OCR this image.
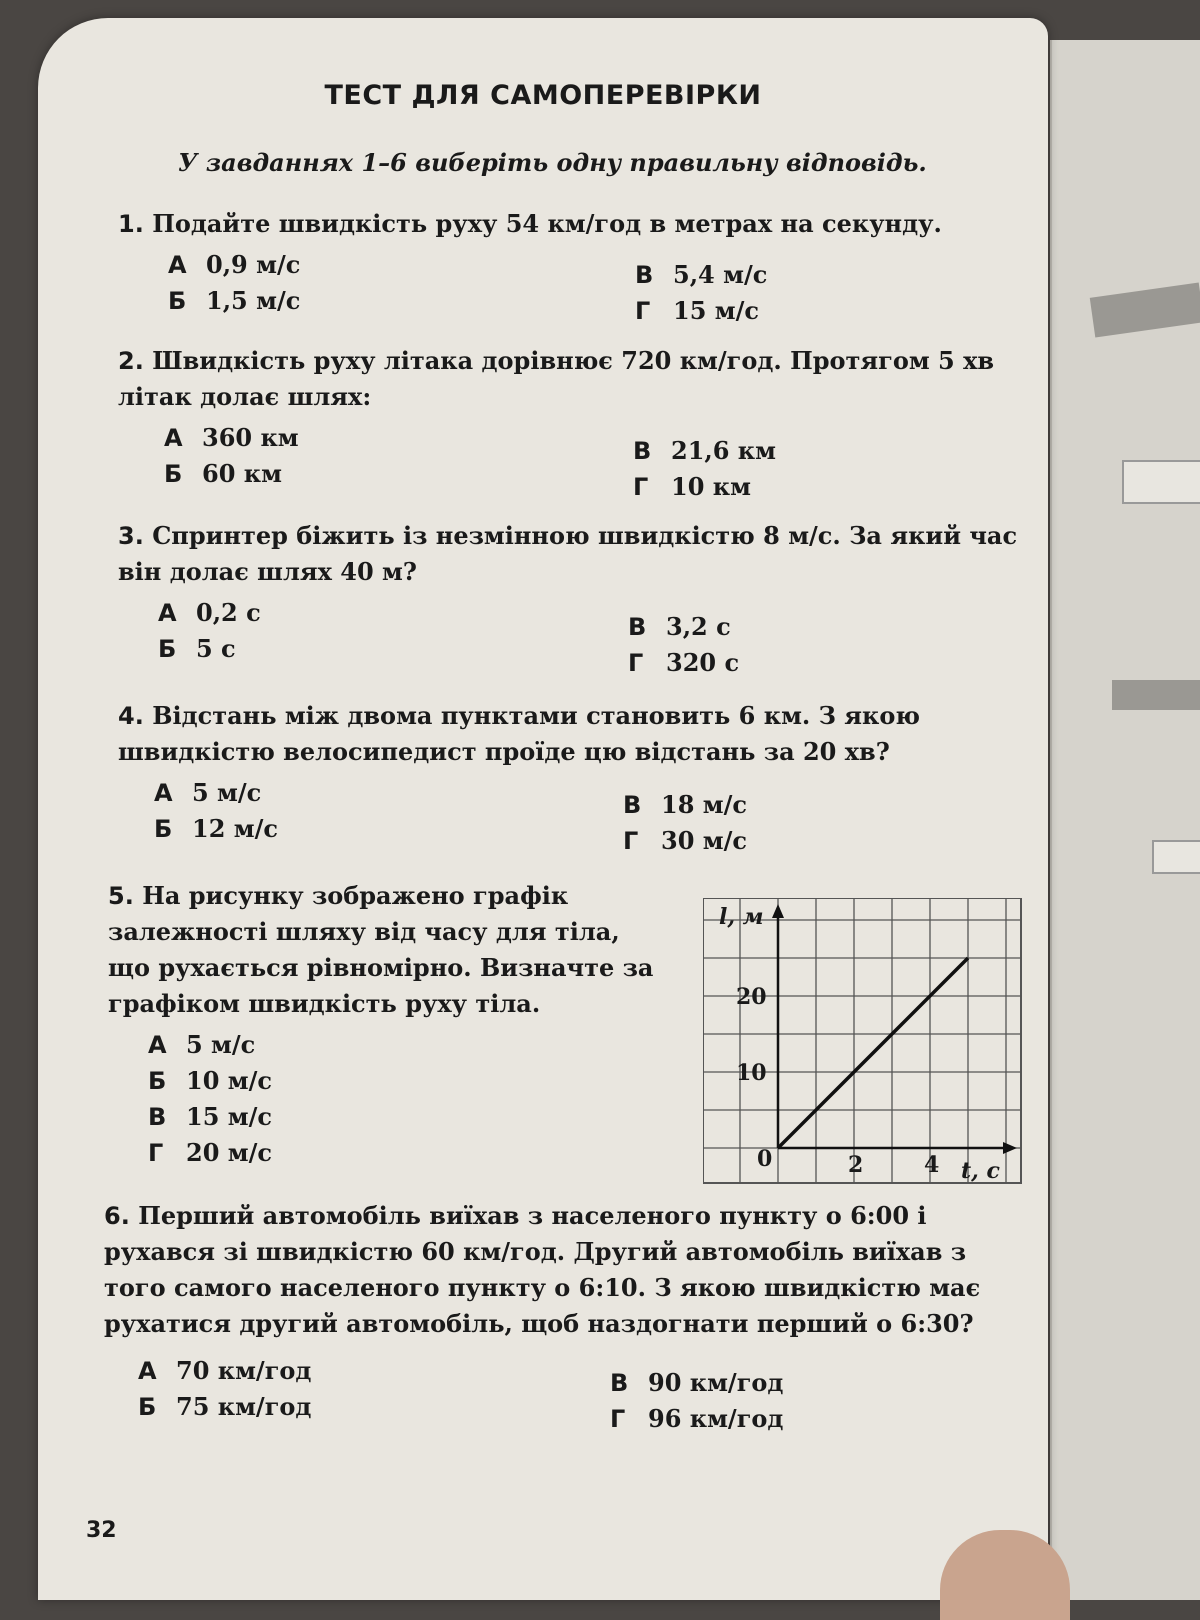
ТЕСТ ДЛЯ САМОПЕРЕВІРКИ
У завданнях 1–6 виберіть одну правильну відповідь.
1. Подайте швидкість руху 54 км/год в метрах на секунду.
А 0,9 м/с
Б 1,5 м/с
В 5,4 м/с
Г 15 м/с
2. Швидкість руху літака дорівнює 720 км/год. Протягом 5 хв літак долає шлях:
А 360 км
Б 60 км
В 21,6 км
Г 10 км
3. Спринтер біжить із незмінною швидкістю 8 м/с. За який час він долає шлях 40 м?
А 0,2 с
Б 5 с
В 3,2 с
Г 320 с
4. Відстань між двома пунктами становить 6 км. З якою швидкістю велосипедист проїде цю відстань за 20 хв?
А 5 м/с
Б 12 м/с
В 18 м/с
Г 30 м/с
5. На рисунку зображено графік залежності шляху від часу для тіла, що рухається рівномірно. Визначте за графіком швидкість руху тіла.
А 5 м/с
Б 10 м/с
В 15 м/с
Г 20 м/с
l, м
t, с
0
10
20
2	4
6. Перший автомобіль виїхав з населеного пункту о 6:00 і рухався зі швидкістю 60 км/год. Другий автомобіль виїхав з того самого населеного пункту о 6:10. З якою швидкістю має рухатися другий автомобіль, щоб наздогнати перший о 6:30?
А 70 км/год
Б 75 км/год
В 90 км/год
Г 96 км/год
32
